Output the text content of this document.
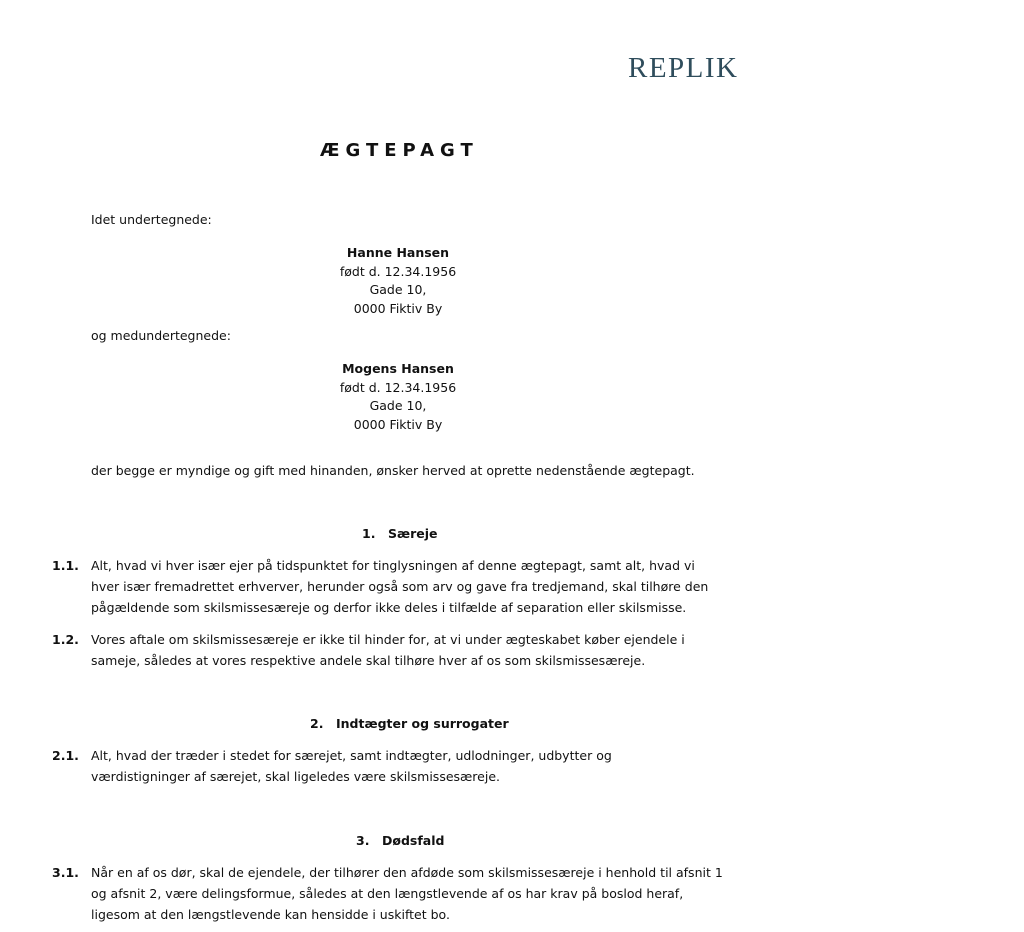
REPLIK
ÆGTEPAGT
Idet undertegnede:
Hanne Hansen
født d. 12.34.1956
Gade 10,
0000 Fiktiv By
og medundertegnede:
Mogens Hansen
født d. 12.34.1956
Gade 10,
0000 Fiktiv By
der begge er myndige og gift med hinanden, ønsker herved at oprette nedenstående ægtepagt.
1. Særeje
1.1. Alt, hvad vi hver især ejer på tidspunktet for tinglysningen af denne ægtepagt, samt alt, hvad vi hver især fremadrettet erhverver, herunder også som arv og gave fra tredjemand, skal tilhøre den pågældende som skilsmissesæreje og derfor ikke deles i tilfælde af separation eller skilsmisse.
1.2. Vores aftale om skilsmissesæreje er ikke til hinder for, at vi under ægteskabet køber ejendele i sameje, således at vores respektive andele skal tilhøre hver af os som skilsmissesæreje.
2. Indtægter og surrogater
2.1. Alt, hvad der træder i stedet for særejet, samt indtægter, udlodninger, udbytter og værdistigninger af særejet, skal ligeledes være skilsmissesæreje.
3. Dødsfald
3.1. Når en af os dør, skal de ejendele, der tilhører den afdøde som skilsmissesæreje i henhold til afsnit 1 og afsnit 2, være delingsformue, således at den længstlevende af os har krav på boslod heraf, ligesom at den længstlevende kan hensidde i uskiftet bo.
